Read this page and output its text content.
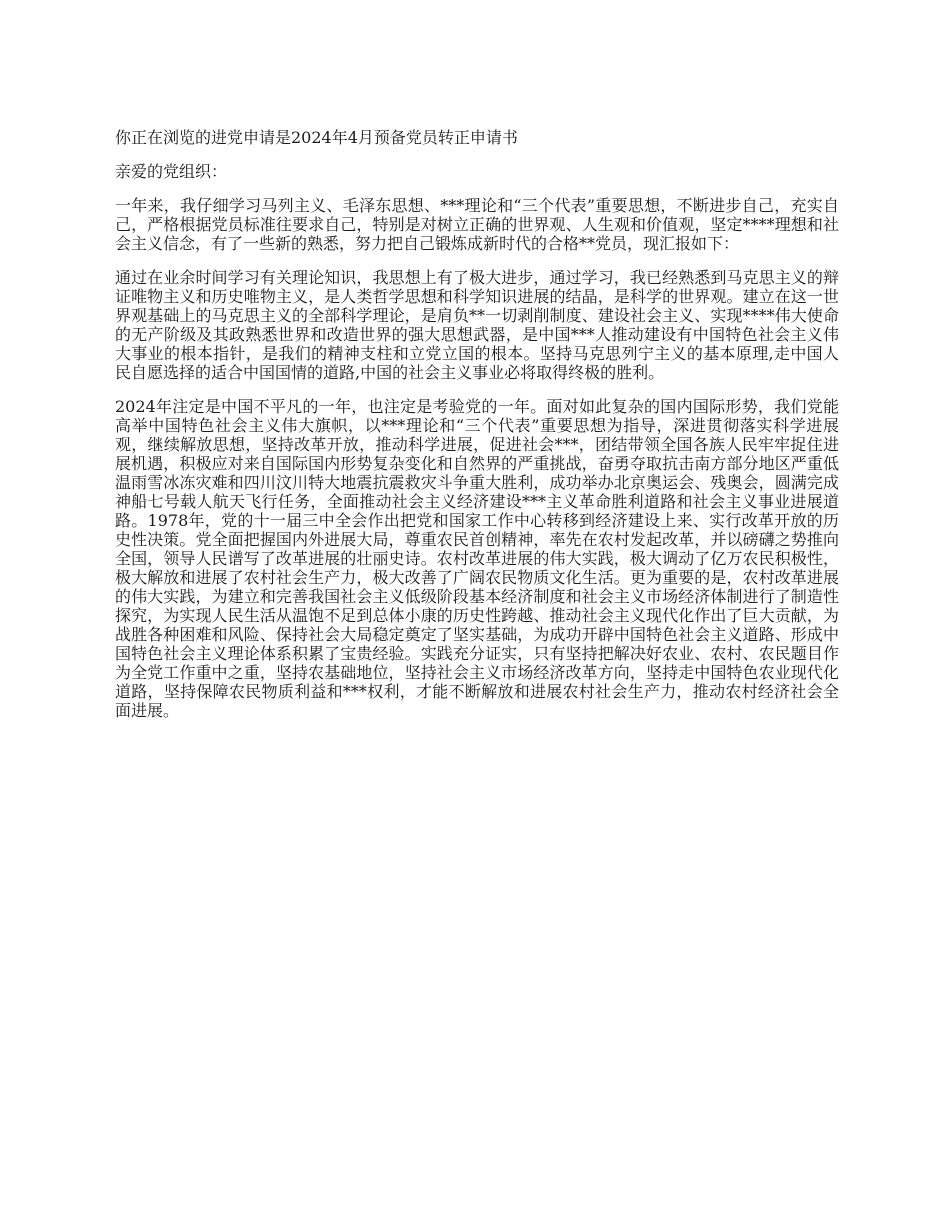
你正在浏览的进党申请是2024年4月预备党员转正申请书

亲爱的党组织：

一年来，我仔细学习马列主义、毛泽东思想、***理论和“三个代表”重要思想，不断进步自己，充实自己，严格根据党员标准往要求自己，特别是对树立正确的世界观、人生观和价值观，坚定****理想和社会主义信念，有了一些新的熟悉，努力把自己锻炼成新时代的合格**党员，现汇报如下：

通过在业余时间学习有关理论知识，我思想上有了极大进步，通过学习，我已经熟悉到马克思主义的辩证唯物主义和历史唯物主义，是人类哲学思想和科学知识进展的结晶，是科学的世界观。建立在这一世界观基础上的马克思主义的全部科学理论，是肩负**一切剥削制度、建设社会主义、实现****伟大使命的无产阶级及其政熟悉世界和改造世界的强大思想武器，是中国***人推动建设有中国特色社会主义伟大事业的根本指针，是我们的精神支柱和立党立国的根本。坚持马克思列宁主义的基本原理,走中国人民自愿选择的适合中国国情的道路,中国的社会主义事业必将取得终极的胜利。

2024年注定是中国不平凡的一年，也注定是考验党的一年。面对如此复杂的国内国际形势，我们党能高举中国特色社会主义伟大旗帜，以***理论和“三个代表”重要思想为指导，深进贯彻落实科学进展观，继续解放思想，坚持改革开放，推动科学进展，促进社会***，团结带领全国各族人民牢牢捉住进展机遇，积极应对来自国际国内形势复杂变化和自然界的严重挑战，奋勇夺取抗击南方部分地区严重低温雨雪冰冻灾难和四川汶川特大地震抗震救灾斗争重大胜利，成功举办北京奥运会、残奥会，圆满完成神船七号载人航天飞行任务，全面推动社会主义经济建设***主义革命胜利道路和社会主义事业进展道路。1978年，党的十一届三中全会作出把党和国家工作中心转移到经济建设上来、实行改革开放的历史性决策。党全面把握国内外进展大局，尊重农民首创精神，率先在农村发起改革，并以磅礴之势推向全国，领导人民谱写了改革进展的壮丽史诗。农村改革进展的伟大实践，极大调动了亿万农民积极性，极大解放和进展了农村社会生产力，极大改善了广阔农民物质文化生活。更为重要的是，农村改革进展的伟大实践，为建立和完善我国社会主义低级阶段基本经济制度和社会主义市场经济体制进行了制造性探究，为实现人民生活从温饱不足到总体小康的历史性跨越、推动社会主义现代化作出了巨大贡献，为战胜各种困难和风险、保持社会大局稳定奠定了坚实基础，为成功开辟中国特色社会主义道路、形成中国特色社会主义理论体系积累了宝贵经验。实践充分证实，只有坚持把解决好农业、农村、农民题目作为全党工作重中之重，坚持农基础地位，坚持社会主义市场经济改革方向，坚持走中国特色农业现代化道路，坚持保障农民物质利益和***权利，才能不断解放和进展农村社会生产力，推动农村经济社会全面进展。
